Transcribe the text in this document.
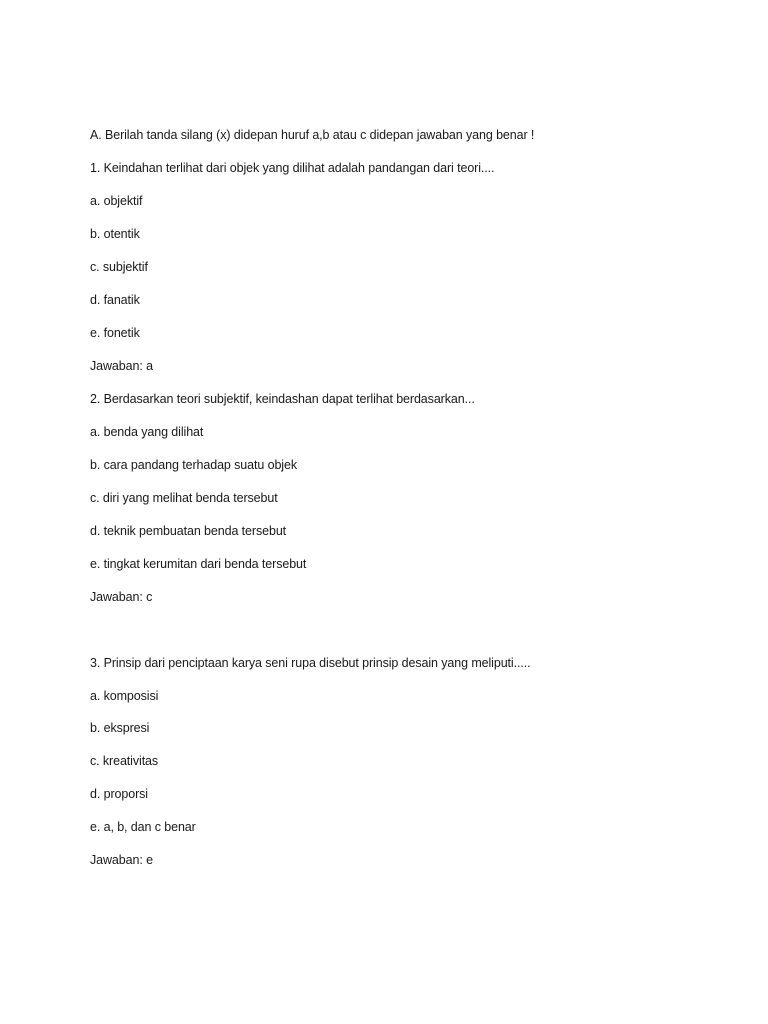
A. Berilah tanda silang (x) didepan huruf a,b atau c didepan jawaban yang benar !
1. Keindahan terlihat dari objek yang dilihat adalah pandangan dari teori....
a. objektif
b. otentik
c. subjektif
d. fanatik
e. fonetik
Jawaban: a
2. Berdasarkan teori subjektif, keindashan dapat terlihat berdasarkan...
a. benda yang dilihat
b. cara pandang terhadap suatu objek
c. diri yang melihat benda tersebut
d. teknik pembuatan benda tersebut
e. tingkat kerumitan dari benda tersebut
Jawaban: c
3. Prinsip dari penciptaan karya seni rupa disebut prinsip desain yang meliputi.....
a. komposisi
b. ekspresi
c. kreativitas
d. proporsi
e. a, b, dan c benar
Jawaban: e
